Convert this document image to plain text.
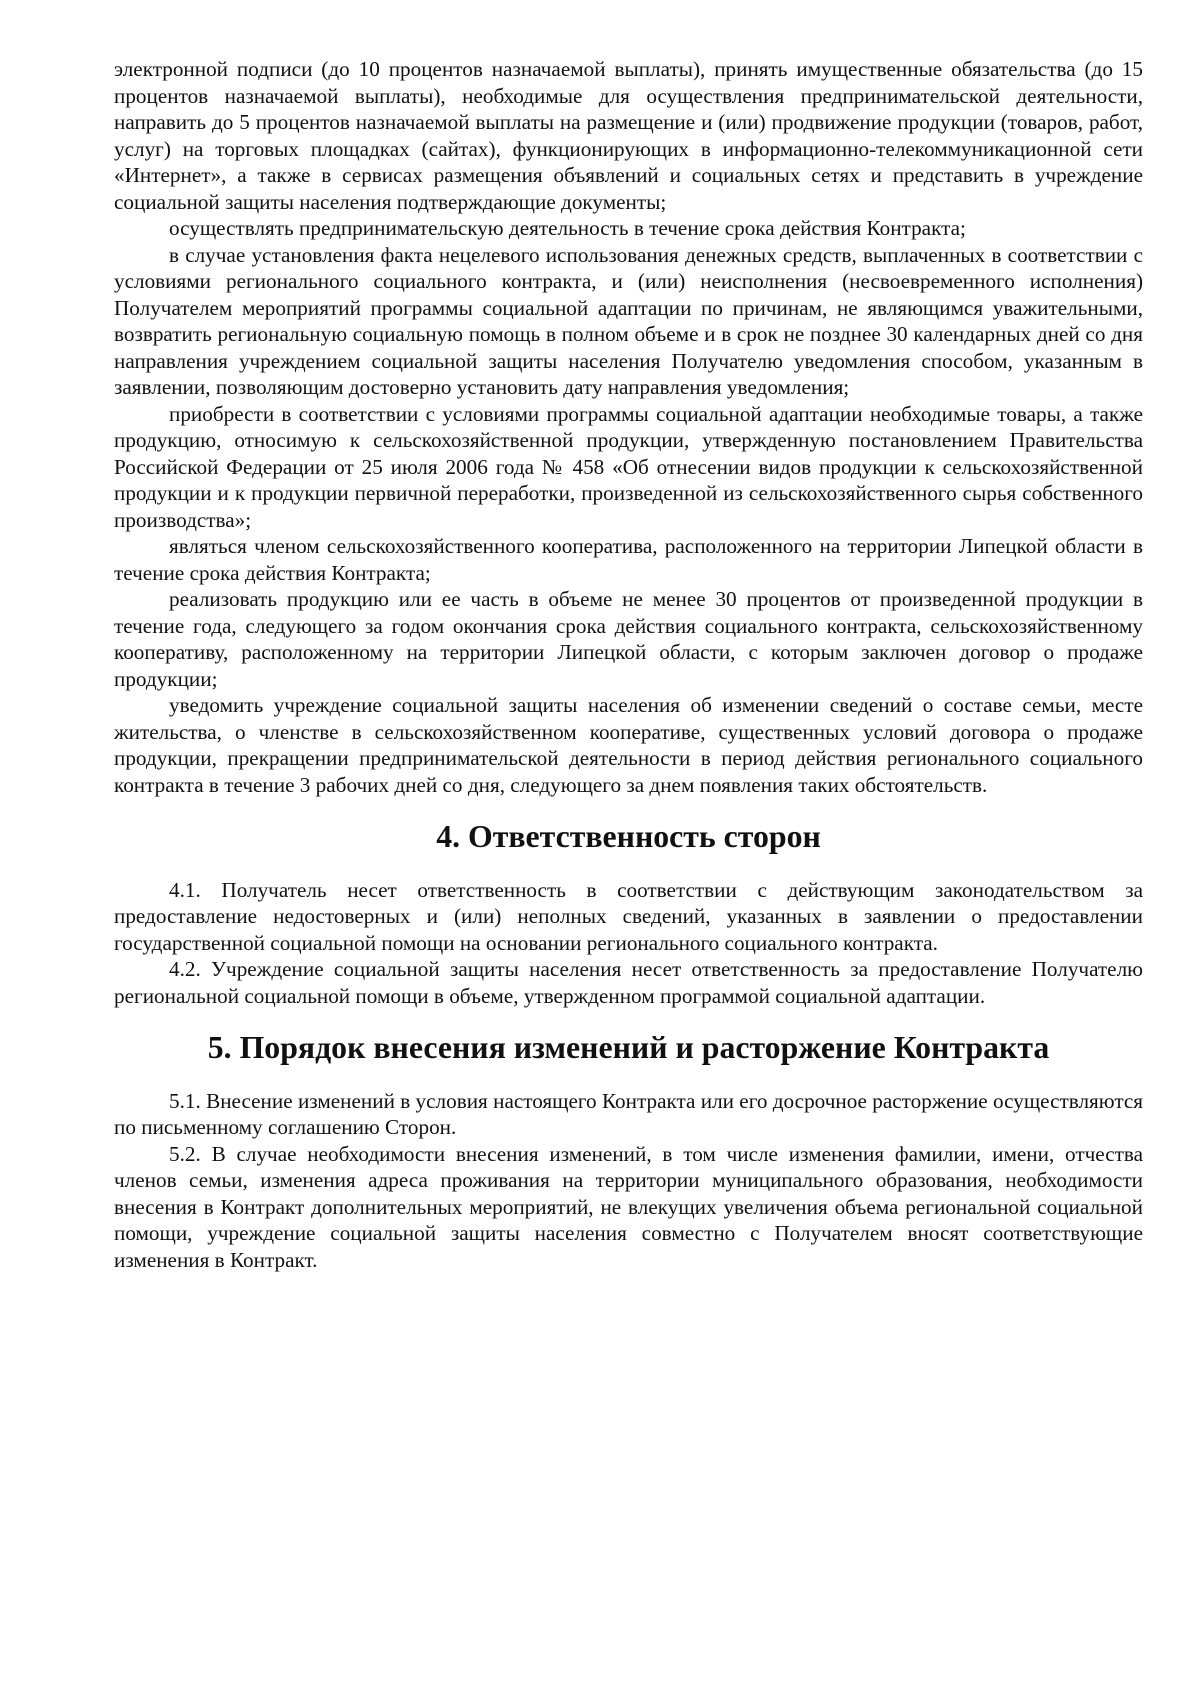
электронной подписи (до 10 процентов назначаемой выплаты), принять имущественные обязательства (до 15 процентов назначаемой выплаты), необходимые для осуществления предпринимательской деятельности, направить до 5 процентов назначаемой выплаты на размещение и (или) продвижение продукции (товаров, работ, услуг) на торговых площадках (сайтах), функционирующих в информационно-телекоммуникационной сети «Интернет», а также в сервисах размещения объявлений и социальных сетях и представить в учреждение социальной защиты населения подтверждающие документы;

осуществлять предпринимательскую деятельность в течение срока действия Контракта;

в случае установления факта нецелевого использования денежных средств, выплаченных в соответствии с условиями регионального социального контракта, и (или) неисполнения (несвоевременного исполнения) Получателем мероприятий программы социальной адаптации по причинам, не являющимся уважительными, возвратить региональную социальную помощь в полном объеме и в срок не позднее 30 календарных дней со дня направления учреждением социальной защиты населения Получателю уведомления способом, указанным в заявлении, позволяющим достоверно установить дату направления уведомления;

приобрести в соответствии с условиями программы социальной адаптации необходимые товары, а также продукцию, относимую к сельскохозяйственной продукции, утвержденную постановлением Правительства Российской Федерации от 25 июля 2006 года № 458 «Об отнесении видов продукции к сельскохозяйственной продукции и к продукции первичной переработки, произведенной из сельскохозяйственного сырья собственного производства»;

являться членом сельскохозяйственного кооператива, расположенного на территории Липецкой области в течение срока действия Контракта;

реализовать продукцию или ее часть в объеме не менее 30 процентов от произведенной продукции в течение года, следующего за годом окончания срока действия социального контракта, сельскохозяйственному кооперативу, расположенному на территории Липецкой области, с которым заключен договор о продаже продукции;

уведомить учреждение социальной защиты населения об изменении сведений о составе семьи, месте жительства, о членстве в сельскохозяйственном кооперативе, существенных условий договора о продаже продукции, прекращении предпринимательской деятельности в период действия регионального социального контракта в течение 3 рабочих дней со дня, следующего за днем появления таких обстоятельств.

4. Ответственность сторон

4.1. Получатель несет ответственность в соответствии с действующим законодательством за предоставление недостоверных и (или) неполных сведений, указанных в заявлении о предоставлении государственной социальной помощи на основании регионального социального контракта.

4.2. Учреждение социальной защиты населения несет ответственность за предоставление Получателю региональной социальной помощи в объеме, утвержденном программой социальной адаптации.

5. Порядок внесения изменений и расторжение Контракта

5.1. Внесение изменений в условия настоящего Контракта или его досрочное расторжение осуществляются по письменному соглашению Сторон.

5.2. В случае необходимости внесения изменений, в том числе изменения фамилии, имени, отчества членов семьи, изменения адреса проживания на территории муниципального образования, необходимости внесения в Контракт дополнительных мероприятий, не влекущих увеличения объема региональной социальной помощи, учреждение социальной защиты населения совместно с Получателем вносят соответствующие изменения в Контракт.
